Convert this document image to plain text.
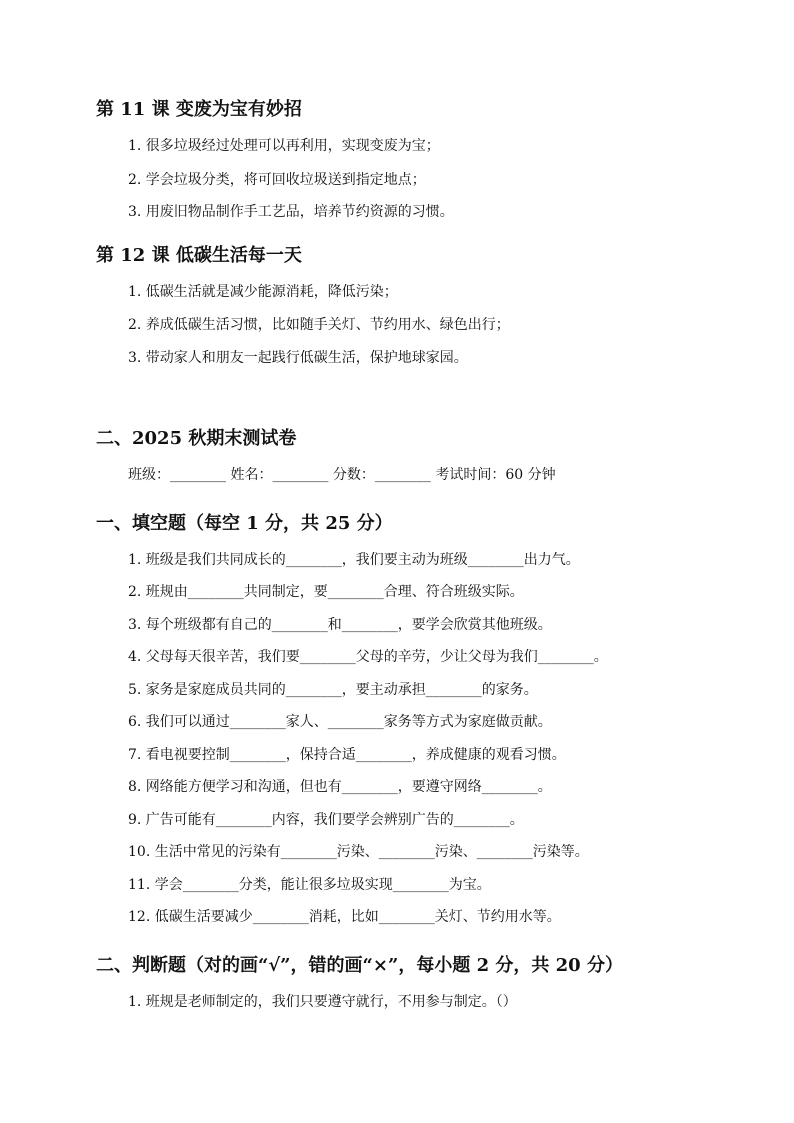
第 11 课 变废为宝有妙招
1. 很多垃圾经过处理可以再利用，实现变废为宝；
2. 学会垃圾分类，将可回收垃圾送到指定地点；
3. 用废旧物品制作手工艺品，培养节约资源的习惯。
第 12 课 低碳生活每一天
1. 低碳生活就是减少能源消耗，降低污染；
2. 养成低碳生活习惯，比如随手关灯、节约用水、绿色出行；
3. 带动家人和朋友一起践行低碳生活，保护地球家园。
二、2025 秋期末测试卷
班级：________ 姓名：________ 分数：________ 考试时间：60 分钟
一、填空题（每空 1 分，共 25 分）
1. 班级是我们共同成长的________，我们要主动为班级________出力气。
2. 班规由________共同制定，要________合理、符合班级实际。
3. 每个班级都有自己的________和________，要学会欣赏其他班级。
4. 父母每天很辛苦，我们要________父母的辛劳，少让父母为我们________。
5. 家务是家庭成员共同的________，要主动承担________的家务。
6. 我们可以通过________家人、________家务等方式为家庭做贡献。
7. 看电视要控制________，保持合适________，养成健康的观看习惯。
8. 网络能方便学习和沟通，但也有________，要遵守网络________。
9. 广告可能有________内容，我们要学会辨别广告的________。
10. 生活中常见的污染有________污染、________污染、________污染等。
11. 学会________分类，能让很多垃圾实现________为宝。
12. 低碳生活要减少________消耗，比如________关灯、节约用水等。
二、判断题（对的画“√”，错的画“×”，每小题 2 分，共 20 分）
1. 班规是老师制定的，我们只要遵守就行，不用参与制定。（）
